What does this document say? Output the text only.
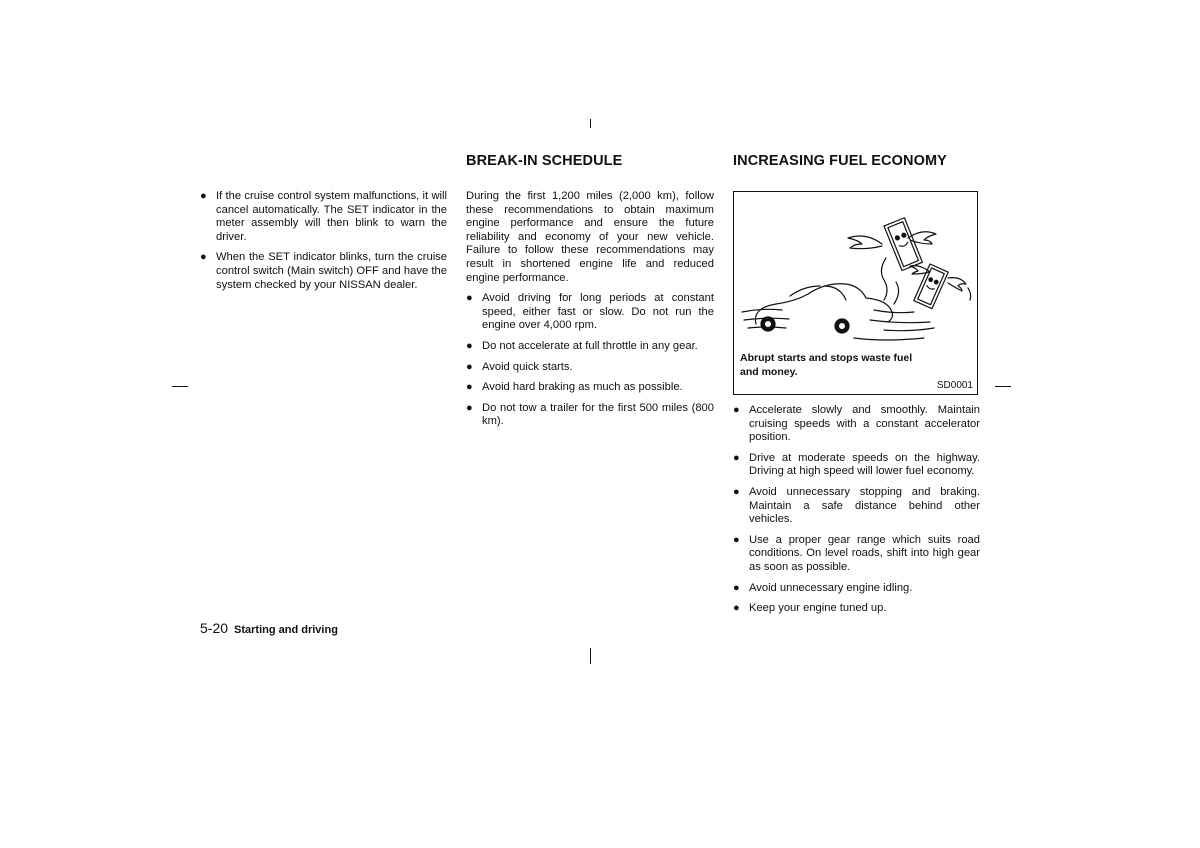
● If the cruise control system malfunctions, it will cancel automatically. The SET indicator in the meter assembly will then blink to warn the driver.
● When the SET indicator blinks, turn the cruise control switch (Main switch) OFF and have the system checked by your NISSAN dealer.
BREAK-IN SCHEDULE

During the first 1,200 miles (2,000 km), follow these recommendations to obtain maximum engine performance and ensure the future reliability and economy of your new vehicle. Failure to follow these recommendations may result in shortened engine life and reduced engine performance.

● Avoid driving for long periods at constant speed, either fast or slow. Do not run the engine over 4,000 rpm.
● Do not accelerate at full throttle in any gear.
● Avoid quick starts.
● Avoid hard braking as much as possible.
● Do not tow a trailer for the first 500 miles (800 km).
INCREASING FUEL ECONOMY
Abrupt starts and stops waste fuel
and money.
SD0001
● Accelerate slowly and smoothly. Maintain cruising speeds with a constant accelerator position.
● Drive at moderate speeds on the highway. Driving at high speed will lower fuel economy.
● Avoid unnecessary stopping and braking. Maintain a safe distance behind other vehicles.
● Use a proper gear range which suits road conditions. On level roads, shift into high gear as soon as possible.
● Avoid unnecessary engine idling.
● Keep your engine tuned up.
5-20 Starting and driving
